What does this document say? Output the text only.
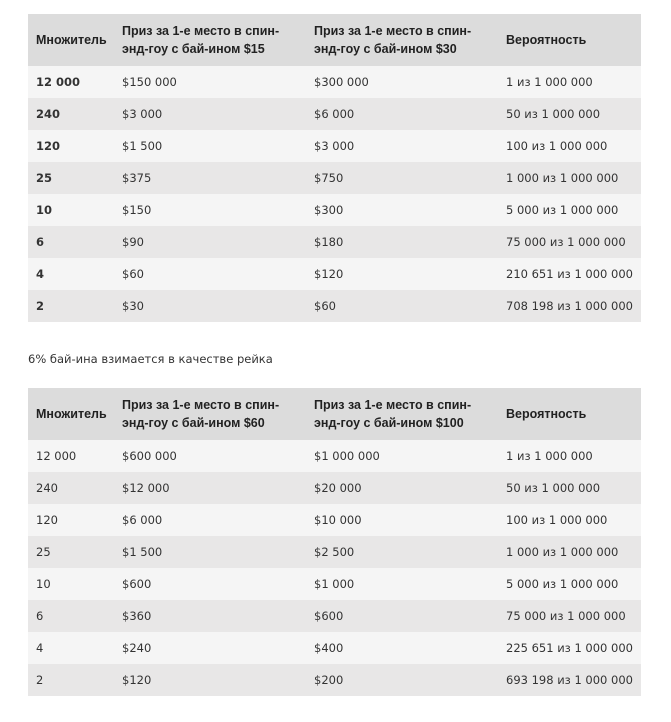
Множитель	Приз за 1-е место в спин-энд-гоу с бай-ином $15	Приз за 1-е место в спин-энд-гоу с бай-ином $30	Вероятность
12 000	$150 000	$300 000	1 из 1 000 000
240	$3 000	$6 000	50 из 1 000 000
120	$1 500	$3 000	100 из 1 000 000
25	$375	$750	1 000 из 1 000 000
10	$150	$300	5 000 из 1 000 000
6	$90	$180	75 000 из 1 000 000
4	$60	$120	210 651 из 1 000 000
2	$30	$60	708 198 из 1 000 000
6% бай-ина взимается в качестве рейка
Множитель	Приз за 1-е место в спин-энд-гоу с бай-ином $60	Приз за 1-е место в спин-энд-гоу с бай-ином $100	Вероятность
12 000	$600 000	$1 000 000	1 из 1 000 000
240	$12 000	$20 000	50 из 1 000 000
120	$6 000	$10 000	100 из 1 000 000
25	$1 500	$2 500	1 000 из 1 000 000
10	$600	$1 000	5 000 из 1 000 000
6	$360	$600	75 000 из 1 000 000
4	$240	$400	225 651 из 1 000 000
2	$120	$200	693 198 из 1 000 000
